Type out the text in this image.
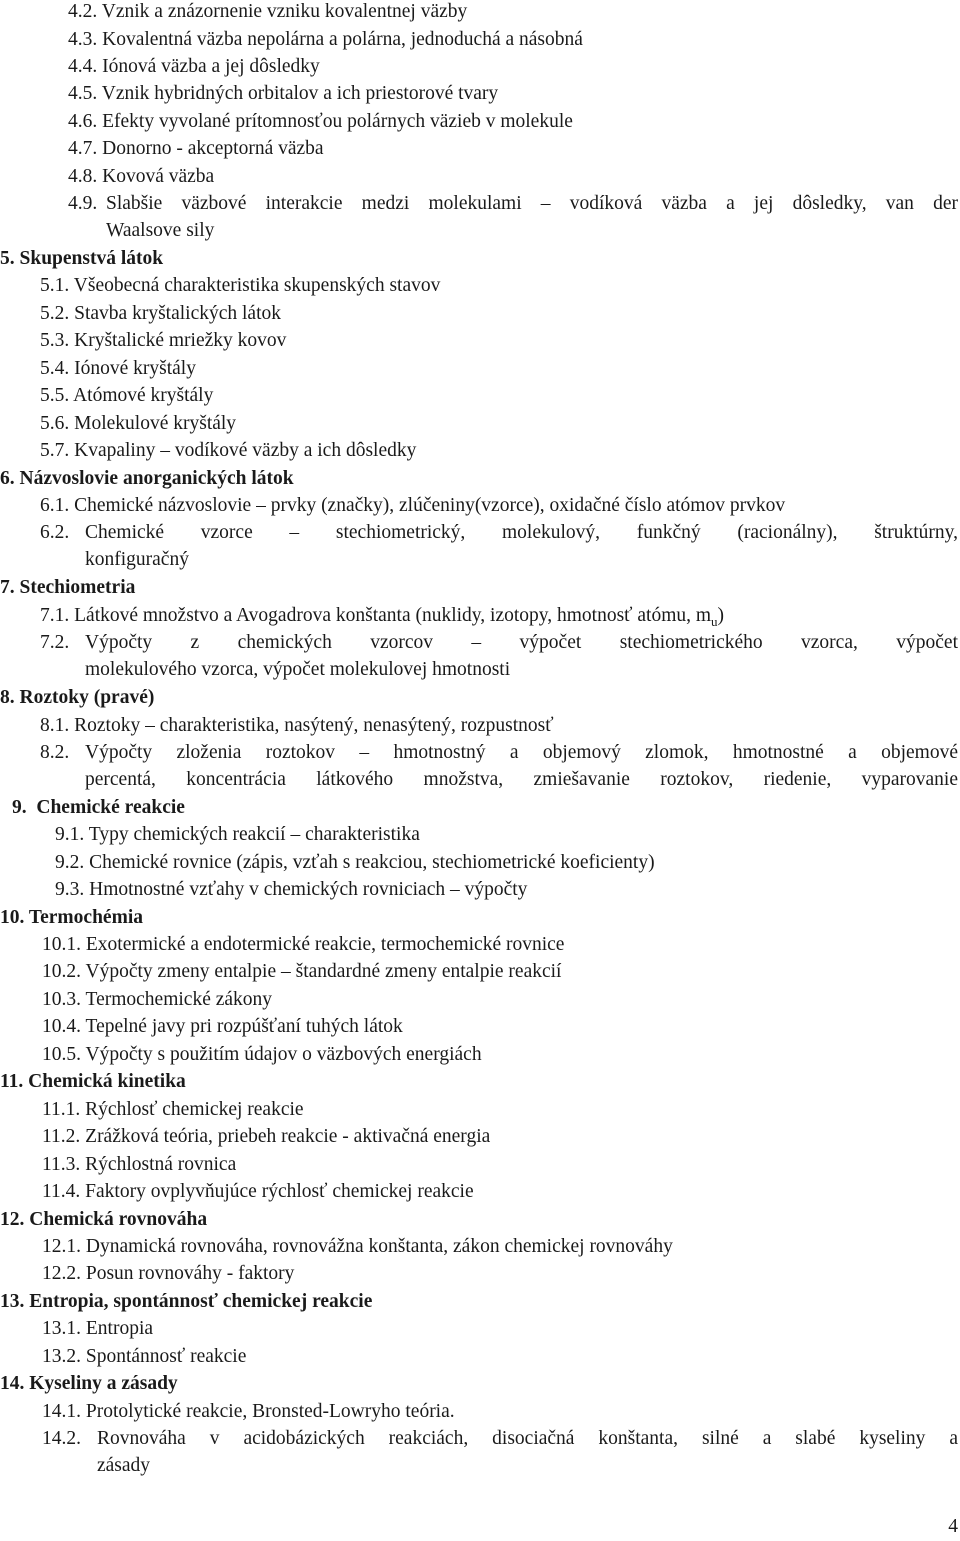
4.2. Vznik a znázornenie vzniku kovalentnej väzby
4.3. Kovalentná väzba nepolárna a polárna, jednoduchá a násobná
4.4. Iónová väzba a jej dôsledky
4.5. Vznik hybridných orbitalov a ich priestorové tvary
4.6. Efekty vyvolané prítomnosťou polárnych väzieb v molekule
4.7. Donorno - akceptorná väzba
4.8. Kovová väzba
4.9. Slabšie väzbové interakcie medzi molekulami – vodíková väzba a jej dôsledky, van der
Waalsove sily
5. Skupenstvá látok
5.1. Všeobecná charakteristika skupenských stavov
5.2. Stavba kryštalických látok
5.3. Kryštalické mriežky kovov
5.4. Iónové kryštály
5.5. Atómové kryštály
5.6. Molekulové kryštály
5.7. Kvapaliny – vodíkové väzby a ich dôsledky
6. Názvoslovie anorganických látok
6.1. Chemické názvoslovie – prvky (značky), zlúčeniny(vzorce), oxidačné číslo atómov prvkov
6.2. Chemické vzorce – stechiometrický, molekulový, funkčný (racionálny), štruktúrny,
konfiguračný
7. Stechiometria
7.1. Látkové množstvo a Avogadrova konštanta (nuklidy, izotopy, hmotnosť atómu, $m_u$)
7.2. Výpočty z chemických vzorcov – výpočet stechiometrického vzorca, výpočet
molekulového vzorca, výpočet molekulovej hmotnosti
8. Roztoky (pravé)
8.1. Roztoky – charakteristika, nasýtený, nenasýtený, rozpustnosť
8.2. Výpočty zloženia roztokov – hmotnostný a objemový zlomok, hmotnostné a objemové
percentá, koncentrácia látkového množstva, zmiešavanie roztokov, riedenie, vyparovanie
9.  Chemické reakcie
9.1. Typy chemických reakcií – charakteristika
9.2. Chemické rovnice (zápis, vzťah s reakciou, stechiometrické koeficienty)
9.3. Hmotnostné vzťahy v chemických rovniciach – výpočty
10. Termochémia
10.1. Exotermické a endotermické reakcie, termochemické rovnice
10.2. Výpočty zmeny entalpie – štandardné zmeny entalpie reakcií
10.3. Termochemické zákony
10.4. Tepelné javy pri rozpúšťaní tuhých látok
10.5. Výpočty s použitím údajov o väzbových energiách
11. Chemická kinetika
11.1. Rýchlosť chemickej reakcie
11.2. Zrážková teória, priebeh reakcie - aktivačná energia
11.3. Rýchlostná rovnica
11.4. Faktory ovplyvňujúce rýchlosť chemickej reakcie
12. Chemická rovnováha
12.1. Dynamická rovnováha, rovnovážna konštanta, zákon chemickej rovnováhy
12.2. Posun rovnováhy - faktory
13. Entropia, spontánnosť chemickej reakcie
13.1. Entropia
13.2. Spontánnosť reakcie
14. Kyseliny a zásady
14.1. Protolytické reakcie, Bronsted-Lowryho teória.
14.2. Rovnováha v acidobázických reakciách, disociačná konštanta, silné a slabé kyseliny a
zásady
4
